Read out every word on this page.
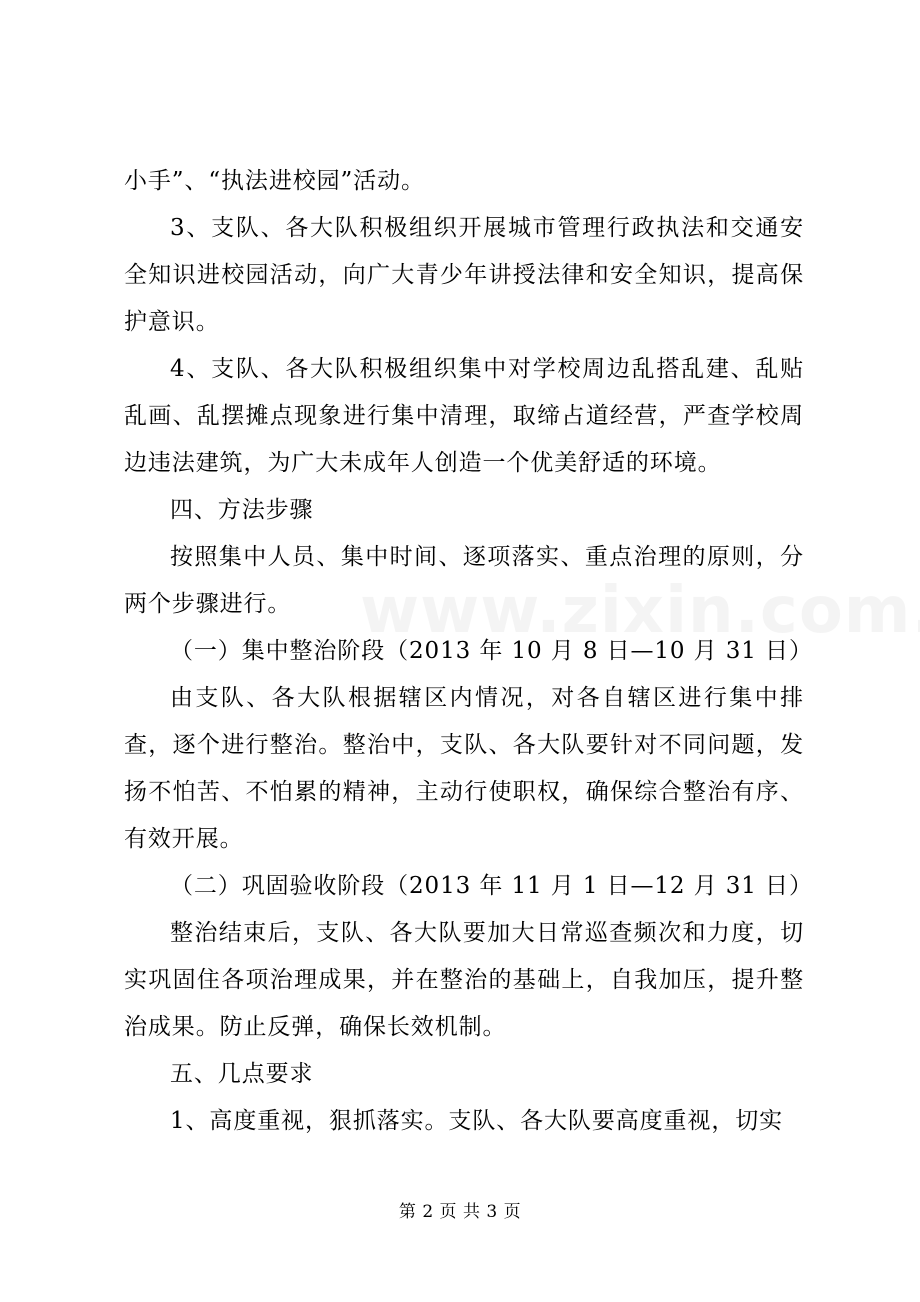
小手”、“执法进校园”活动。

3、支队、各大队积极组织开展城市管理行政执法和交通安全知识进校园活动，向广大青少年讲授法律和安全知识，提高保护意识。

4、支队、各大队积极组织集中对学校周边乱搭乱建、乱贴乱画、乱摆摊点现象进行集中清理，取缔占道经营，严查学校周边违法建筑，为广大未成年人创造一个优美舒适的环境。

四、方法步骤

按照集中人员、集中时间、逐项落实、重点治理的原则，分两个步骤进行。

（一）集中整治阶段（2013 年 10 月 8 日—10 月 31 日）

由支队、各大队根据辖区内情况，对各自辖区进行集中排查，逐个进行整治。整治中，支队、各大队要针对不同问题，发扬不怕苦、不怕累的精神，主动行使职权，确保综合整治有序、有效开展。

（二）巩固验收阶段（2013 年 11 月 1 日—12 月 31 日）

整治结束后，支队、各大队要加大日常巡查频次和力度，切实巩固住各项治理成果，并在整治的基础上，自我加压，提升整治成果。防止反弹，确保长效机制。

五、几点要求

1、高度重视，狠抓落实。支队、各大队要高度重视，切实

第 2 页 共 3 页
